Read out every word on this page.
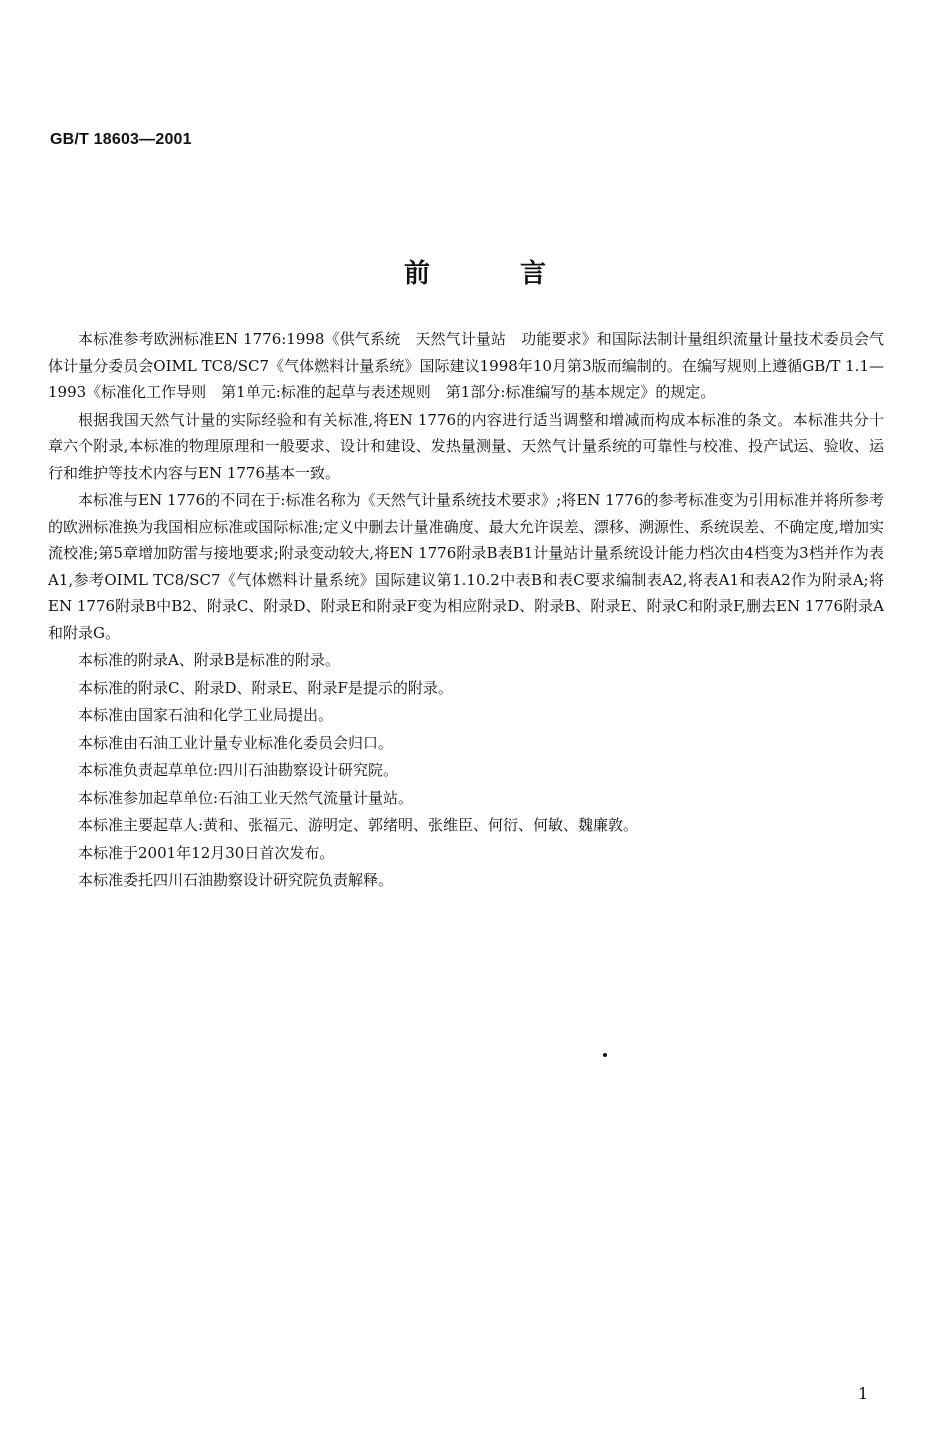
GB/T 18603—2001
前言

本标准参考欧洲标准EN 1776:1998《供气系统　天然气计量站　功能要求》和国际法制计量组织流量计量技术委员会气体计量分委员会OIML TC8/SC7《气体燃料计量系统》国际建议1998年10月第3版而编制的。在编写规则上遵循GB/T 1.1—1993《标准化工作导则　第1单元:标准的起草与表述规则　第1部分:标准编写的基本规定》的规定。

根据我国天然气计量的实际经验和有关标准,将EN 1776的内容进行适当调整和增减而构成本标准的条文。本标准共分十章六个附录,本标准的物理原理和一般要求、设计和建设、发热量测量、天然气计量系统的可靠性与校准、投产试运、验收、运行和维护等技术内容与EN 1776基本一致。

本标准与EN 1776的不同在于:标准名称为《天然气计量系统技术要求》;将EN 1776的参考标准变为引用标准并将所参考的欧洲标准换为我国相应标准或国际标准;定义中删去计量准确度、最大允许误差、漂移、溯源性、系统误差、不确定度,增加实流校准;第5章增加防雷与接地要求;附录变动较大,将EN 1776附录B表B1计量站计量系统设计能力档次由4档变为3档并作为表A1,参考OIML TC8/SC7《气体燃料计量系统》国际建议第1.10.2中表B和表C要求编制表A2,将表A1和表A2作为附录A;将EN 1776附录B中B2、附录C、附录D、附录E和附录F变为相应附录D、附录B、附录E、附录C和附录F,删去EN 1776附录A和附录G。

本标准的附录A、附录B是标准的附录。

本标准的附录C、附录D、附录E、附录F是提示的附录。

本标准由国家石油和化学工业局提出。

本标准由石油工业计量专业标准化委员会归口。

本标准负责起草单位:四川石油勘察设计研究院。

本标准参加起草单位:石油工业天然气流量计量站。

本标准主要起草人:黄和、张福元、游明定、郭绪明、张维臣、何衍、何敏、魏廉敦。

本标准于2001年12月30日首次发布。

本标准委托四川石油勘察设计研究院负责解释。

1
